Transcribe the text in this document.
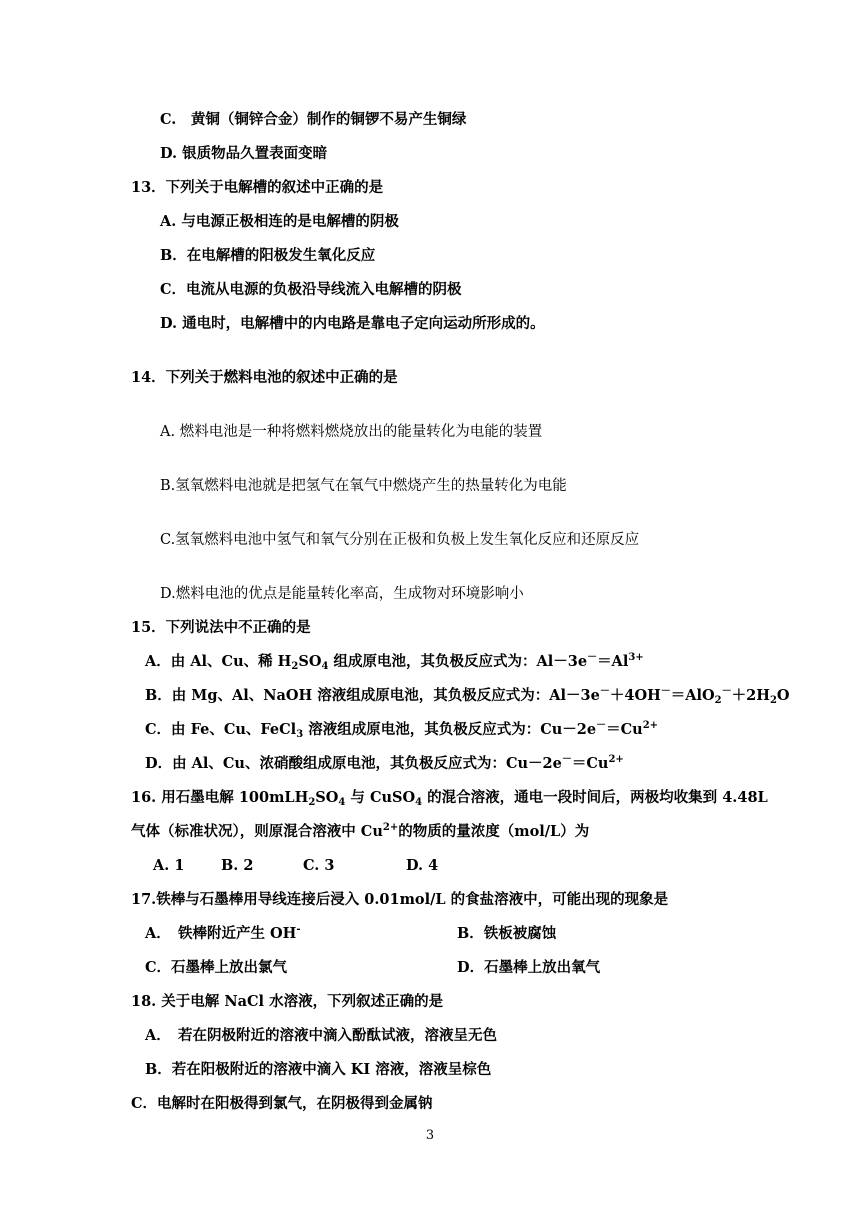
C.　黄铜（铜锌合金）制作的铜锣不易产生铜绿
D. 银质物品久置表面变暗
13．下列关于电解槽的叙述中正确的是
A. 与电源正极相连的是电解槽的阴极
B．在电解槽的阳极发生氧化反应
C．电流从电源的负极沿导线流入电解槽的阴极
D. 通电时，电解槽中的内电路是靠电子定向运动所形成的。
14．下列关于燃料电池的叙述中正确的是
A. 燃料电池是一种将燃料燃烧放出的能量转化为电能的装置
B.氢氧燃料电池就是把氢气在氧气中燃烧产生的热量转化为电能
C.氢氧燃料电池中氢气和氧气分别在正极和负极上发生氧化反应和还原反应
D.燃料电池的优点是能量转化率高，生成物对环境影响小
15．下列说法中不正确的是
A．由 Al、Cu、稀 $H_2SO_4$ 组成原电池，其负极反应式为：$Al-3e^-=Al^{3+}$
B．由 Mg、Al、NaOH 溶液组成原电池，其负极反应式为：$Al-3e^-+4OH^-=AlO_2^-+2H_2O$
C．由 Fe、Cu、FeCl$_3$ 溶液组成原电池，其负极反应式为：$Cu-2e^-=Cu^{2+}$
D．由 Al、Cu、浓硝酸组成原电池，其负极反应式为：$Cu-2e^-=Cu^{2+}$
16. 用石墨电解 $100mLH_2SO_4$ 与 CuSO$_4$ 的混合溶液，通电一段时间后，两极均收集到 4.48L
气体（标准状况），则原混合溶液中 $Cu^{2+}$的物质的量浓度（mol/L）为
A. 1	B. 2	C. 3	D. 4
17.铁棒与石墨棒用导线连接后浸入 0.01mol/L 的食盐溶液中，可能出现的现象是
A．　铁棒附近产生 OH-	B．铁板被腐蚀
C．石墨棒上放出氯气	D．石墨棒上放出氧气
18. 关于电解 NaCl 水溶液，下列叙述正确的是
A．　若在阴极附近的溶液中滴入酚酞试液，溶液呈无色
B．若在阳极附近的溶液中滴入 KI 溶液，溶液呈棕色
C．电解时在阳极得到氯气，在阴极得到金属钠
3
